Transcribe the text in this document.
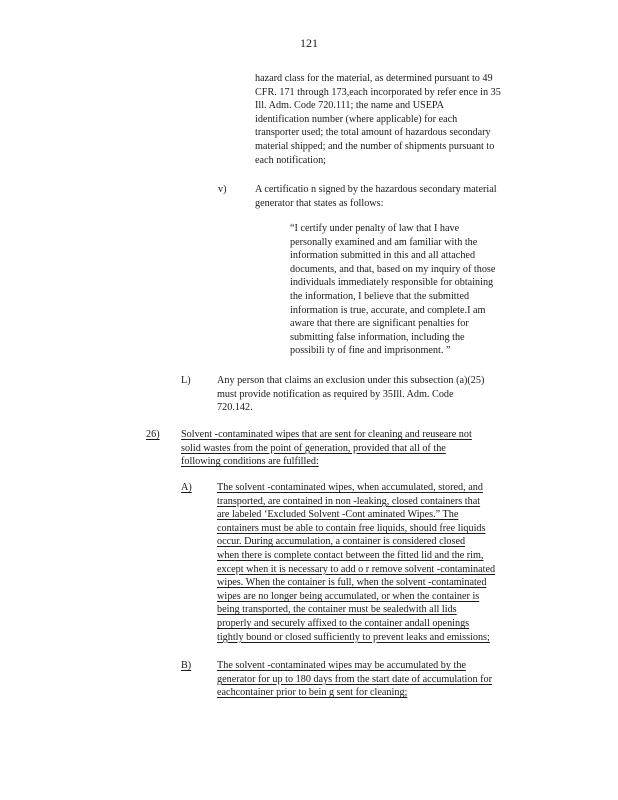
121
hazard class for the material, as determined pursuant to 49
CFR. 171 through 173,each incorporated by refer ence in 35
Ill. Adm. Code 720.111; the name and USEPA
identification number (where applicable) for each
transporter used; the total amount of hazardous secondary
material shipped; and the number of shipments pursuant to
each notification;
v)	A certificatio n signed by the hazardous secondary material
generator that states as follows:
“I certify under penalty of law that I have
personally examined and am familiar with the
information submitted in this and all attached
documents, and that, based on my inquiry of those
individuals immediately responsible for obtaining
the information, I believe that the submitted
information is true, accurate, and complete.I am
aware that there are significant penalties for
submitting false information, including the
possibili ty of fine and imprisonment. ”
L)	Any person that claims an exclusion under this subsection (a)(25)
must provide notification as required by 35Ill. Adm. Code
720.142.
26) Solvent -contaminated wipes that are sent for cleaning and reuseare not
solid wastes from the point of generation, provided that all of the
following conditions are fulfilled:
A) The solvent -contaminated wipes, when accumulated, stored, and
transported, are contained in non -leaking, closed containers that
are labeled ‘Excluded Solvent -Cont aminated Wipes.” The
containers must be able to contain free liquids, should free liquids
occur. During accumulation, a container is considered closed
when there is complete contact between the fitted lid and the rim,
except when it is necessary to add o r remove solvent -contaminated
wipes. When the container is full, when the solvent -contaminated
wipes are no longer being accumulated, or when the container is
being transported, the container must be sealedwith all lids
properly and securely affixed to the container andall openings
tightly bound or closed sufficiently to prevent leaks and emissions;
B)	The solvent -contaminated wipes may be accumulated by the
generator for up to 180 days from the start date of accumulation for
eachcontainer prior to bein g sent for cleaning;
